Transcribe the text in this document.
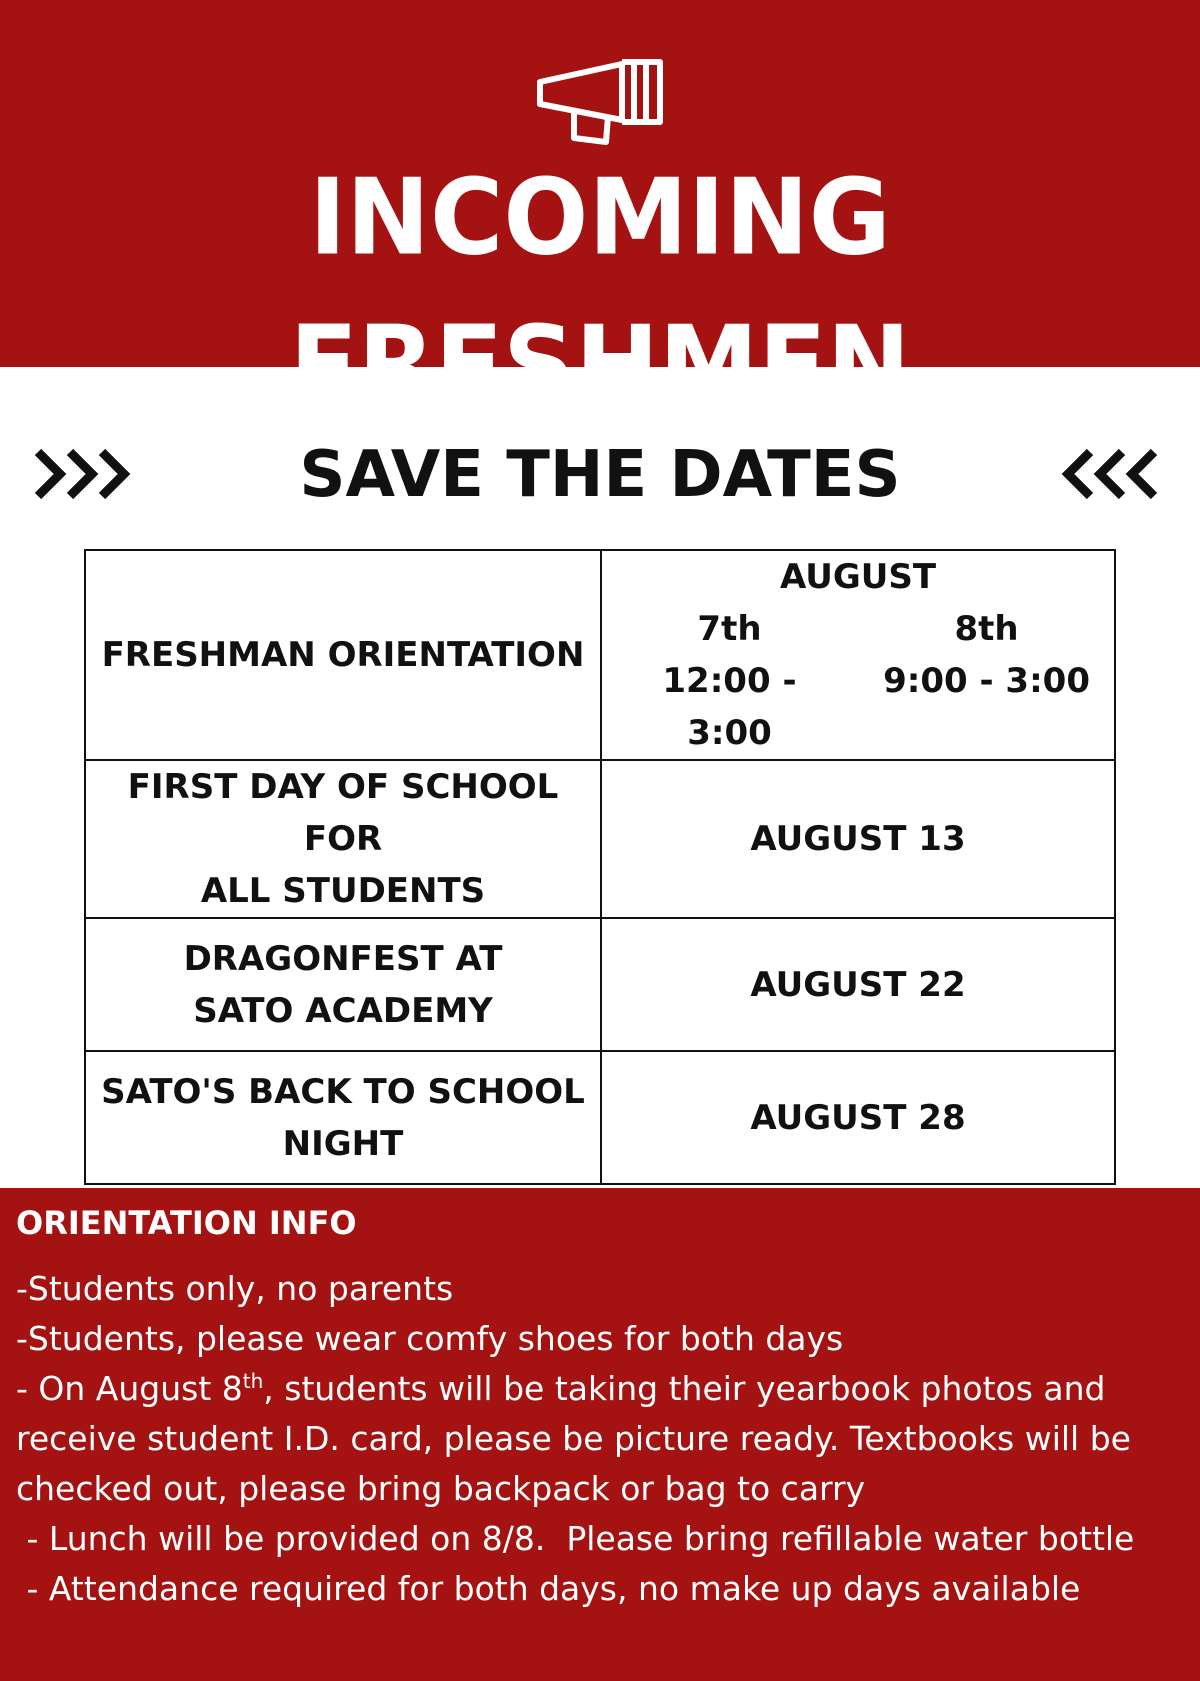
INCOMING FRESHMEN
SAVE THE DATES
FRESHMAN ORIENTATION	AUGUST
7th
12:00 - 3:00
8th
9:00 - 3:00

FIRST DAY OF SCHOOL FOR
ALL STUDENTS	AUGUST 13
DRAGONFEST AT
SATO ACADEMY	AUGUST 22
SATO'S BACK TO SCHOOL
NIGHT	AUGUST 28
ORIENTATION INFO
-Students only, no parents
-Students, please wear comfy shoes for both days
- On August 8th, students will be taking their yearbook photos and receive student I.D. card, please be picture ready. Textbooks will be checked out, please bring backpack or bag to carry
- Lunch will be provided on 8/8.  Please bring refillable water bottle
- Attendance required for both days, no make up days available
